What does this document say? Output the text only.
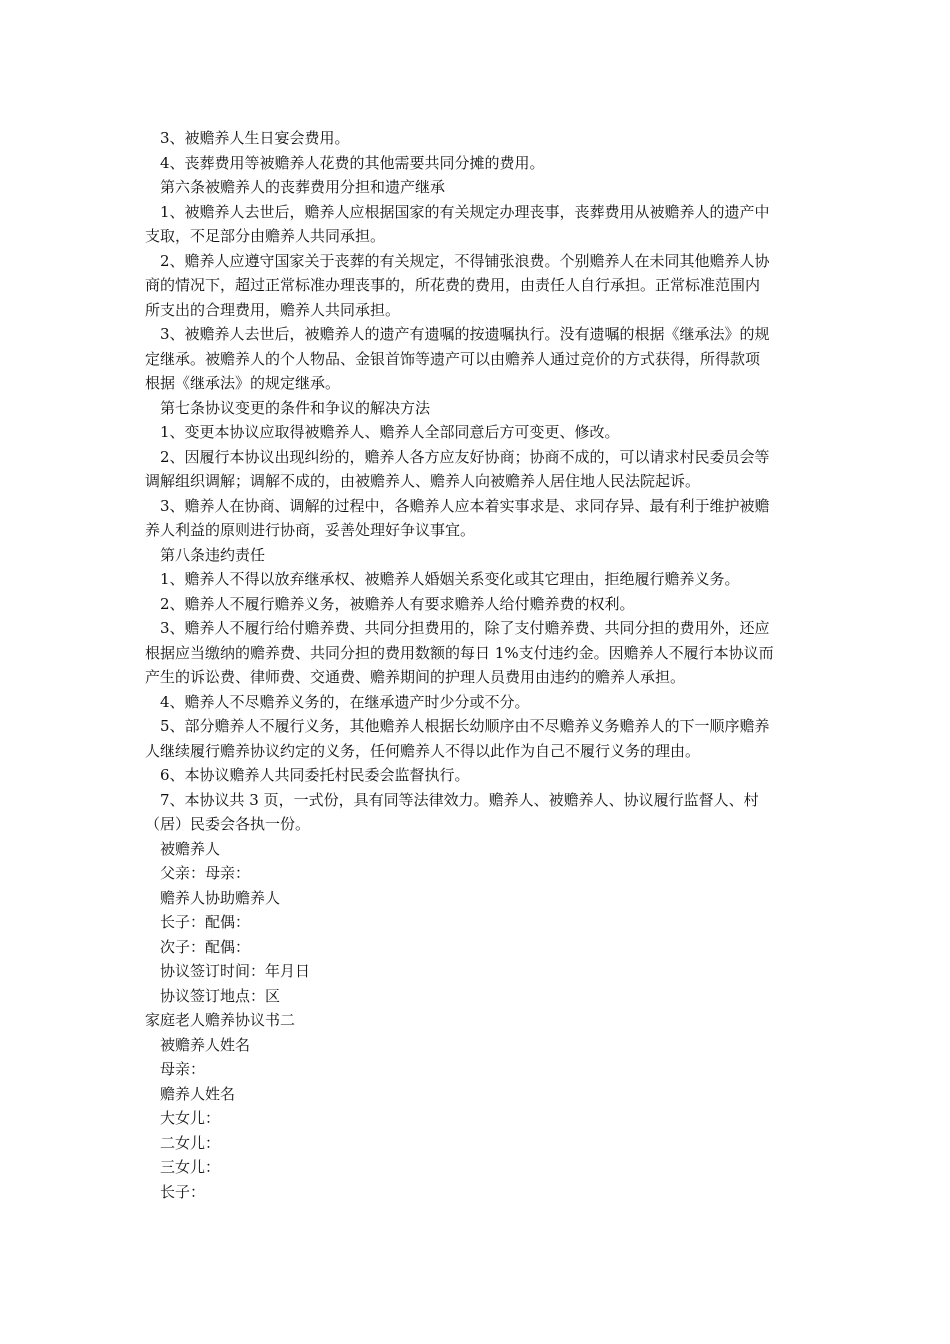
3、被赡养人生日宴会费用。

4、丧葬费用等被赡养人花费的其他需要共同分摊的费用。

第六条被赡养人的丧葬费用分担和遗产继承

1、被赡养人去世后，赡养人应根据国家的有关规定办理丧事，丧葬费用从被赡养人的遗产中

支取，不足部分由赡养人共同承担。

2、赡养人应遵守国家关于丧葬的有关规定，不得铺张浪费。个别赡养人在未同其他赡养人协

商的情况下，超过正常标准办理丧事的，所花费的费用，由责任人自行承担。正常标准范围内

所支出的合理费用，赡养人共同承担。

3、被赡养人去世后，被赡养人的遗产有遗嘱的按遗嘱执行。没有遗嘱的根据《继承法》的规

定继承。被赡养人的个人物品、金银首饰等遗产可以由赡养人通过竞价的方式获得，所得款项

根据《继承法》的规定继承。

第七条协议变更的条件和争议的解决方法

1、变更本协议应取得被赡养人、赡养人全部同意后方可变更、修改。

2、因履行本协议出现纠纷的，赡养人各方应友好协商；协商不成的，可以请求村民委员会等

调解组织调解；调解不成的，由被赡养人、赡养人向被赡养人居住地人民法院起诉。

3、赡养人在协商、调解的过程中，各赡养人应本着实事求是、求同存异、最有利于维护被赡

养人利益的原则进行协商，妥善处理好争议事宜。

第八条违约责任

1、赡养人不得以放弃继承权、被赡养人婚姻关系变化或其它理由，拒绝履行赡养义务。

2、赡养人不履行赡养义务，被赡养人有要求赡养人给付赡养费的权利。

3、赡养人不履行给付赡养费、共同分担费用的，除了支付赡养费、共同分担的费用外，还应

根据应当缴纳的赡养费、共同分担的费用数额的每日 1%支付违约金。因赡养人不履行本协议而

产生的诉讼费、律师费、交通费、赡养期间的护理人员费用由违约的赡养人承担。

4、赡养人不尽赡养义务的，在继承遗产时少分或不分。

5、部分赡养人不履行义务，其他赡养人根据长幼顺序由不尽赡养义务赡养人的下一顺序赡养

人继续履行赡养协议约定的义务，任何赡养人不得以此作为自己不履行义务的理由。

6、本协议赡养人共同委托村民委会监督执行。

7、本协议共 3 页，一式份，具有同等法律效力。赡养人、被赡养人、协议履行监督人、村

（居）民委会各执一份。

被赡养人

父亲：母亲：

赡养人协助赡养人

长子：配偶：

次子：配偶：

协议签订时间：年月日

协议签订地点：区

家庭老人赡养协议书二

被赡养人姓名

母亲：

赡养人姓名

大女儿：

二女儿：

三女儿：

长子：
